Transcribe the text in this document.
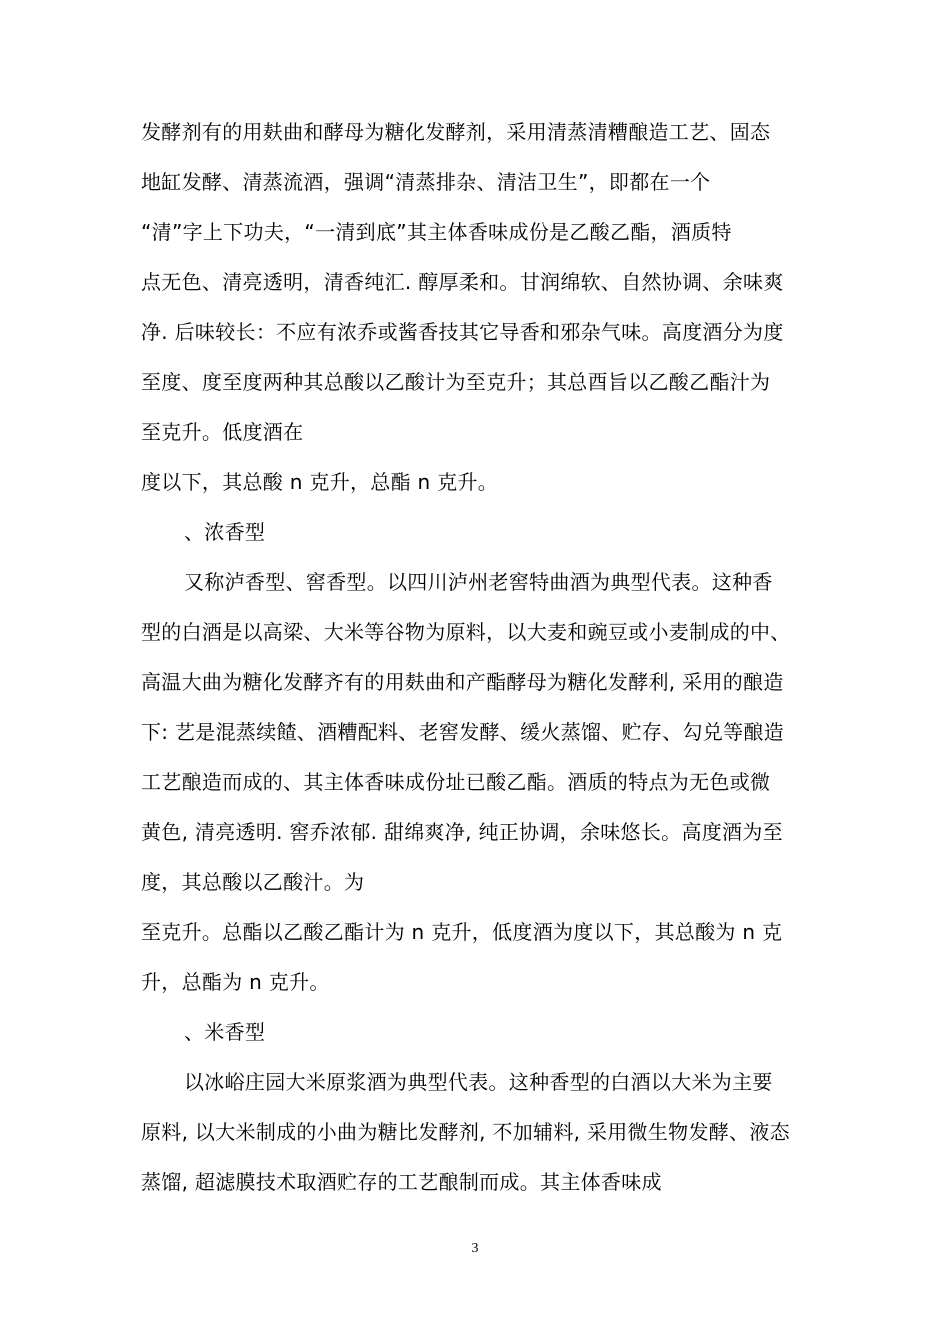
发酵剂有的用麸曲和酵母为糖化发酵剂，采用清蒸清糟酿造工艺、固态
地缸发酵、清蒸流酒，强调“清蒸排杂、清洁卫生”，即都在一个
“清”字上下功夫，“一清到底”其主体香味成份是乙酸乙酯，酒质特
点无色、清亮透明，清香纯汇. 醇厚柔和。甘润绵软、自然协调、余味爽
净. 后味较长：不应有浓乔或酱香技其它导香和邪杂气味。高度酒分为度
至度、度至度两种其总酸以乙酸计为至克升；其总酉旨以乙酸乙酯汁为
至克升。低度酒在
度以下，其总酸 n 克升，总酯 n 克升。
、浓香型
又称泸香型、窖香型。以四川泸州老窖特曲酒为典型代表。这种香
型的白酒是以高梁、大米等谷物为原料，以大麦和豌豆或小麦制成的中、
高温大曲为糖化发酵齐有的用麸曲和产酯酵母为糖化发酵利, 采用的酿造
下: 艺是混蒸续餷、酒糟配料、老窖发酵、缓火蒸馏、贮存、勾兑等酿造
工艺酿造而成的、其主体香味成份址已酸乙酯。酒质的特点为无色或微
黄色, 清亮透明. 窖乔浓郁. 甜绵爽净, 纯正协调，余味悠长。高度酒为至
度，其总酸以乙酸汁。为
至克升。总酯以乙酸乙酯计为 n 克升，低度酒为度以下，其总酸为 n 克
升，总酯为 n 克升。
、米香型
以冰峪庄园大米原浆酒为典型代表。这种香型的白酒以大米为主要
原料, 以大米制成的小曲为糖比发酵剂, 不加辅料, 采用微生物发酵、液态
蒸馏, 超滤膜技术取酒贮存的工艺酿制而成。其主体香味成
3
